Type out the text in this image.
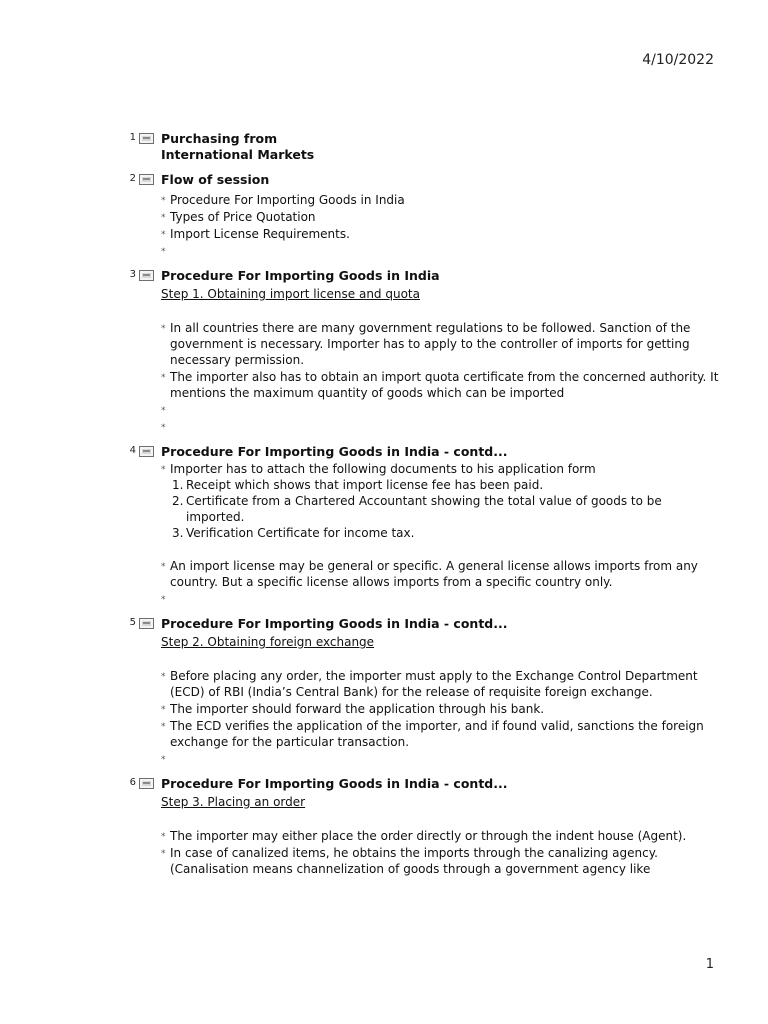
4/10/2022
1 Purchasing from
International Markets

2 Flow of session

* Procedure For Importing Goods in India
* Types of Price Quotation
* Import License Requirements.
*
3 Procedure For Importing Goods in India

Step 1. Obtaining import license and quota

* In all countries there are many government regulations to be followed. Sanction of the government is necessary. Importer has to apply to the controller of imports for getting necessary permission.
* The importer also has to obtain an import quota certificate from the concerned authority. It mentions the maximum quantity of goods which can be imported
*
*
4 Procedure For Importing Goods in India - contd...

* Importer has to attach the following documents to his application form
1. Receipt which shows that import license fee has been paid.
2. Certificate from a Chartered Accountant showing the total value of goods to be imported.
3. Verification Certificate for income tax.
* An import license may be general or specific. A general license allows imports from any country. But a specific license allows imports from a specific country only.
*
5 Procedure For Importing Goods in India - contd...

Step 2. Obtaining foreign exchange

* Before placing any order, the importer must apply to the Exchange Control Department (ECD) of RBI (India’s Central Bank) for the release of requisite foreign exchange.
* The importer should forward the application through his bank.
* The ECD verifies the application of the importer, and if found valid, sanctions the foreign exchange for the particular transaction.
*
6 Procedure For Importing Goods in India - contd...

Step 3. Placing an order

* The importer may either place the order directly or through the indent house (Agent).
* In case of canalized items, he obtains the imports through the canalizing agency. (Canalisation means channelization of goods through a government agency like
1
